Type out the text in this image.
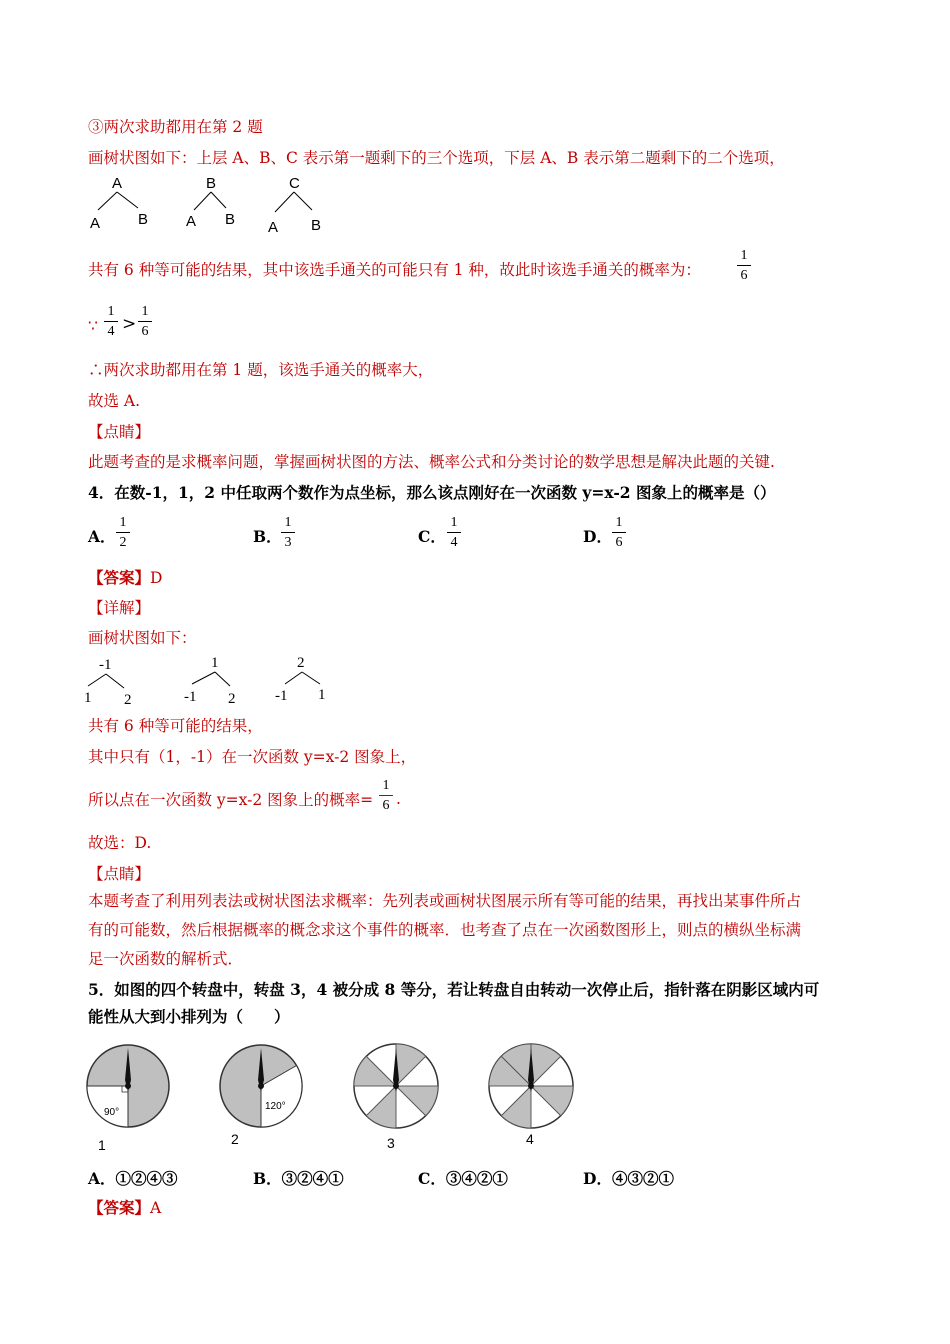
③两次求助都用在第 2 题
画树状图如下：上层 A、B、C 表示第一题剩下的三个选项，下层 A、B 表示第二题剩下的二个选项，
A
A	B
B
A B
C
A B
共有 6 种等可能的结果，其中该选手通关的可能只有 1 种，故此时该选手通关的概率为：
1
6
∵
1
4 >
1
6
∴两次求助都用在第 1 题，该选手通关的概率大，
故选 A.
【点睛】
此题考查的是求概率问题，掌握画树状图的方法、概率公式和分类讨论的数学思想是解决此题的关键.
4．在数-1，1，2 中任取两个数作为点坐标，那么该点刚好在一次函数 y=x-2 图象上的概率是（）
A．
1
2	B．
1
3	C．
1
4	D．
1
6
【答案】D
【详解】
画树状图如下：
-1
1 2
1
-1 2
2
-1 1
共有 6 种等可能的结果，
其中只有（1，-1）在一次函数 y=x-2 图象上，
所以点在一次函数 y=x-2 图象上的概率=
1
6 .
故选：D.
【点睛】
本题考查了利用列表法或树状图法求概率：先列表或画树状图展示所有等可能的结果，再找出某事件所占
有的可能数，然后根据概率的概念求这个事件的概率．也考查了点在一次函数图形上，则点的横纵坐标满
足一次函数的解析式．
5．如图的四个转盘中，转盘 3，4 被分成 8 等分，若让转盘自由转动一次停止后，指针落在阴影区域内可
能性从大到小排列为（　　）
90°
1
120°
2	3	4
A．①②④③	B．③②④①	C．③④②①	D．④③②①
【答案】A
